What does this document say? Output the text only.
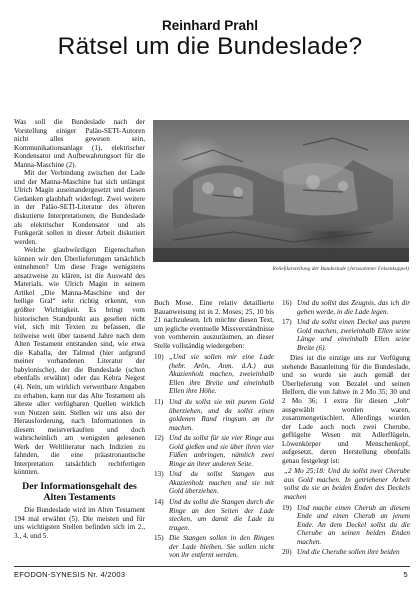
Reinhard Prahl
Rätsel um die Bundeslade?

Was soll die Bundeslade nach der Vorstellung einiger Paläo-SETI-Autoren nicht alles gewesen sein, Kommunikationsanlage (1), elektrischer Kondensator und Aufbewahrungsort für die Manna-Maschine (2).

Mit der Verbindung zwischen der Lade und der Manna-Maschine hat sich unlängst Ulrich Magin auseinandergesetzt und diesen Gedanken glaubhaft widerlegt. Zwei weitere in der Paläo-SETI-Literatur des öfteren diskutierte Interpretationen, die Bundeslade als elektrischer Kondensator und als Funkgerät sollen in dieser Arbeit diskutiert werden.

Welche glaubwürdigen Eigenschaften können wir den Überlieferungen tatsächlich entnehmen? Um diese Frage wenigstens ansatzweise zu klären, ist die Auswahl des Materials, wie Ulrich Magin in seinem Artikel „Die Manna-Maschine und der heilige Gral“ sehr richtig erkennt, von größter Wichtigkeit. Es bringt vom historischen Standpunkt aus gesehen nicht viel, sich mit Texten zu befassen, die teilweise weit über tausend Jahre nach dem Alten Testament entstanden sind, wie etwa die Kaballa, der Talmud (hier aufgrund meiner vorhandenen Literatur der babylonische), der die Bundeslade (schon ebenfalls erwähnt) oder das Kebra Negest (4). Nein, um wirklich verwertbare Angaben zu erhalten, kann nur das Alte Testament als älteste aller verfügbaren Quellen wirklich von Nutzen sein. Stellen wir uns also der Herausforderung, nach Informationen in diesem meistverkauften und doch wahrscheinlich am wenigsten gelesenen Werk der Weltliteratur nach Indizien zu fahnden, die eine präastronautische Interpretation tatsächlich rechtfertigen könnten.

Der Informationsgehalt des Alten Testaments

Die Bundeslade wird im Alten Testament 194 mal erwähnt (5). Die meisten und für uns wichtigsten Stellen befinden sich im 2., 3., 4. und 5.

Reliefdarstellung der Bundeslade (Jerusalemer Felsenkuppel)

Buch Mose. Eine relativ detaillierte Bauanweisung ist in 2. Moses; 25, 10 bis 21 nachzulesen. Ich möchte diesen Text, um jegliche eventuelle Missverständnisse von vornherein auszuräumen, an dieser Stelle vollständig wiedergeben:

10) „Und sie sollen mir eine Lade (hebr. Arôn, Anm. d.A.) aus Akazienholz machen, zweieinhalb Ellen ihre Breite und eineinhalb Ellen ihre Höhe.
11) Und du sollst sie mit purem Gold überziehen, und du sollst einen goldenen Rand ringsum an ihr machen.
12) Und du sollst für sie vier Ringe aus Gold gießen und sie über ihren vier Füßen anbringen, nämlich zwei Ringe an ihrer anderen Seite.
13) Und du sollst Stangen aus Akazienholz machen und sie mit Gold überziehen.
14) Und du sollst die Stangen durch die Ringe an den Seiten der Lade stecken, um damit die Lade zu tragen.
15) Die Stangen sollen in den Ringen der Lade bleiben. Sie sollen nicht von ihr entfernt werden.
16) Und du sollst das Zeugnis, das ich dir geben werde, in die Lade legen.
17) Und du sollst einen Deckel aus purem Gold machen, zweieinhalb Ellen seine Länge und eineinhalb Ellen seine Breite (6).

Dies ist die einzige uns zur Verfügung stehende Bauanleitung für die Bundeslade, und so wurde sie auch gemäß der Überlieferung von Bezalel und seinen Helfern, die von Jahwe in 2 Mo 35; 30 und 2 Mo 36; 1 extra für diesen „Job“ ausgewählt worden waren, zusammengetischlert. Allerdings wurden der Lade auch noch zwei Cherube, geflügelte Wesen mit Adlerflügeln, Löwenkörper und Menschenkopf, aufgesetzt, deren Herstellung ebenfalls genau festgelegt ist:

„2 Mo 25;18: Und du sollst zwei Cherube aus Gold machen. In getriebener Arbeit sollst du sie an beiden Enden des Deckels machen

19) Und mache einen Cherub an diesem Ende und einen Cherub an jenem Ende. An dem Deckel sollst du die Cherube an seinen beiden Enden machen.
20) Und die Cherube sollen ihre beiden
EFODON-SYNESIS Nr. 4/2003	5
